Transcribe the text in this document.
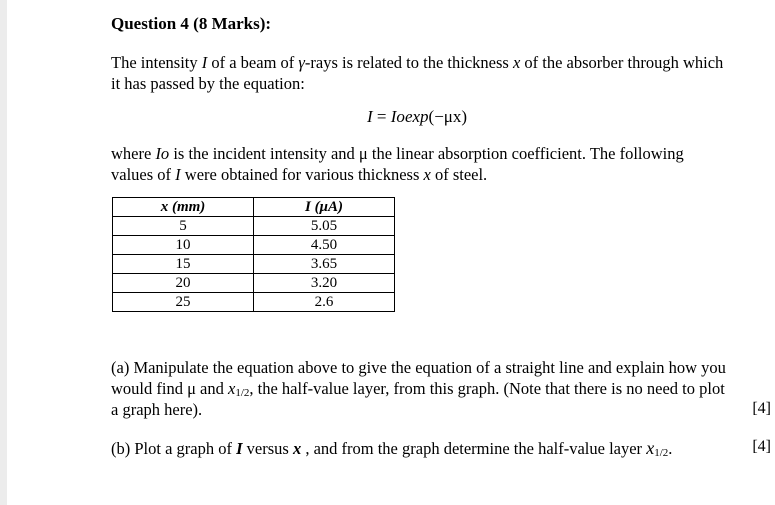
Question 4 (8 Marks):
The intensity I of a beam of γ-rays is related to the thickness x of the absorber through which
it has passed by the equation:
I = Ioexp(−μx)
where Io is the incident intensity and μ the linear absorption coefficient. The following
values of I were obtained for various thickness x of steel.
x (mm)	I (μA)
5	5.05
10	4.50
15	3.65
20	3.20
25	2.6
(a) Manipulate the equation above to give the equation of a straight line and explain how you
would find μ and x1/2, the half-value layer, from this graph. (Note that there is no need to plot
a graph here).	[4]
(b) Plot a graph of I versus x , and from the graph determine the half-value layer x1/2.	[4]
